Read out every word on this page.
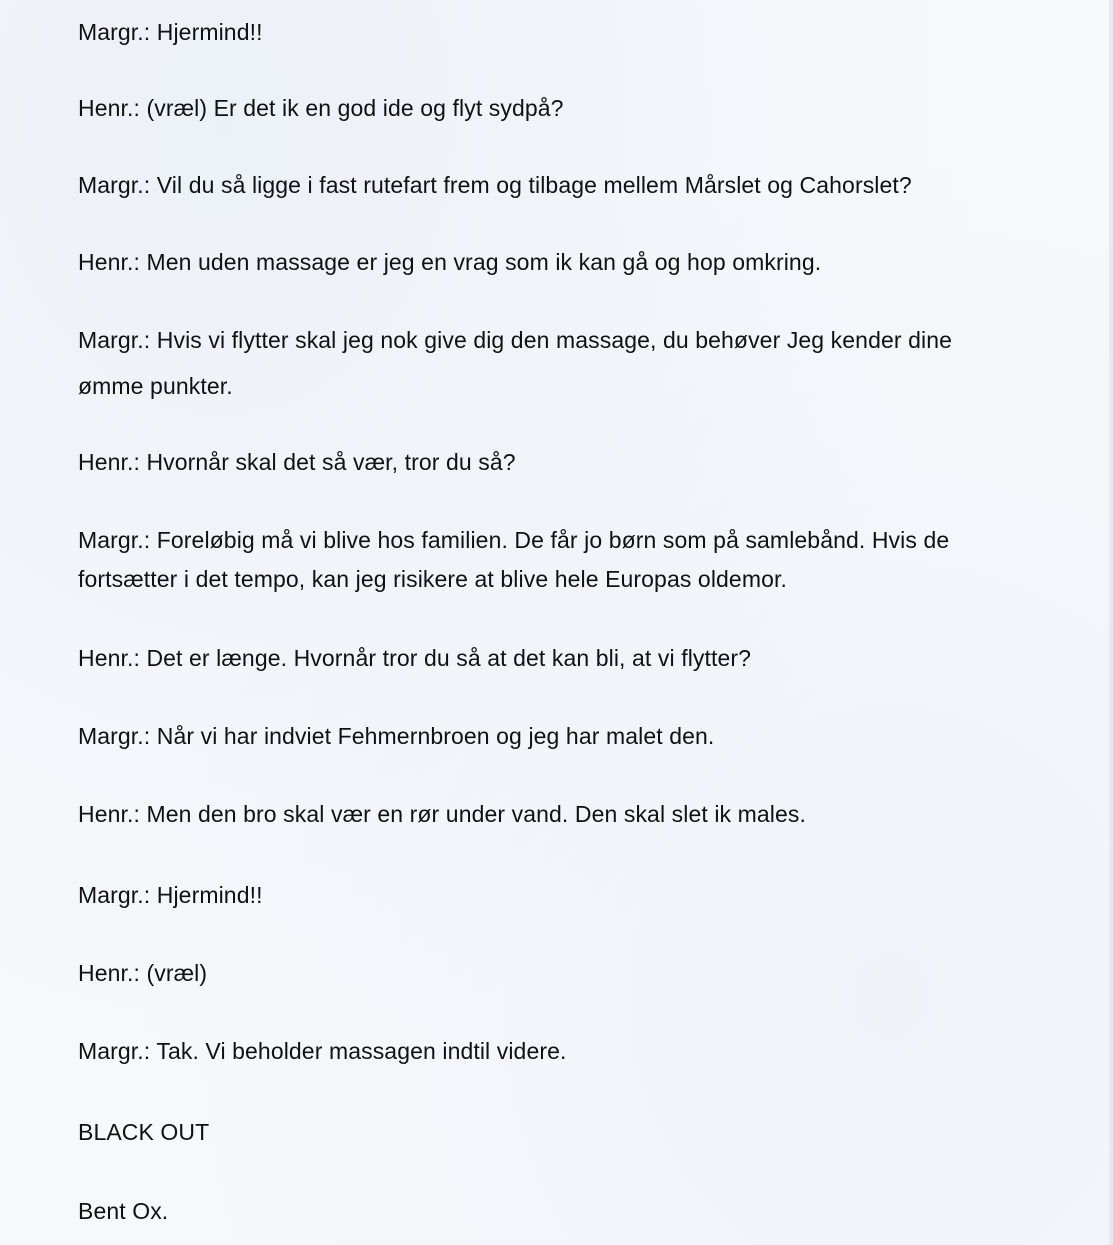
Margr.: Hjermind!!
Henr.: (vræl) Er det ik en god ide og flyt sydpå?
Margr.: Vil du så ligge i fast rutefart frem og tilbage mellem Mårslet og Cahorslet?
Henr.: Men uden massage er jeg en vrag som ik kan gå og hop omkring.
Margr.: Hvis vi flytter skal jeg nok give dig den massage, du behøver Jeg kender dine
ømme punkter.
Henr.: Hvornår skal det så vær, tror du så?
Margr.: Foreløbig må vi blive hos familien. De får jo børn som på samlebånd. Hvis de
fortsætter i det tempo, kan jeg risikere at blive hele Europas oldemor.
Henr.: Det er længe. Hvornår tror du så at det kan bli, at vi flytter?
Margr.: Når vi har indviet Fehmernbroen og jeg har malet den.
Henr.: Men den bro skal vær en rør under vand. Den skal slet ik males.
Margr.: Hjermind!!
Henr.: (vræl)
Margr.: Tak. Vi beholder massagen indtil videre.
BLACK OUT
Bent Ox.
